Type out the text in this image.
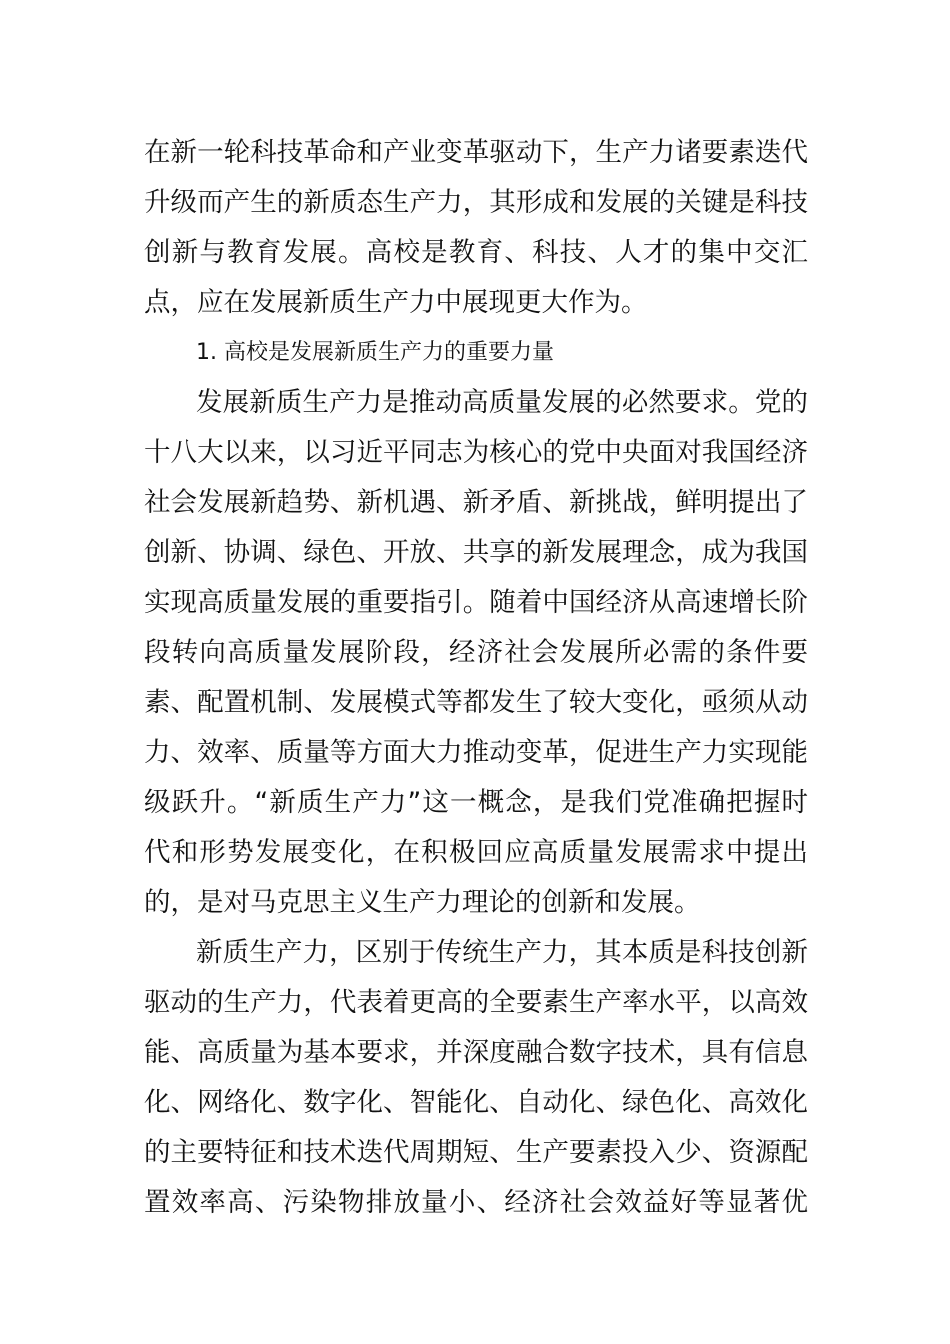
在新一轮科技革命和产业变革驱动下，生产力诸要素迭代
升级而产生的新质态生产力，其形成和发展的关键是科技
创新与教育发展。高校是教育、科技、人才的集中交汇
点，应在发展新质生产力中展现更大作为。
1. 高校是发展新质生产力的重要力量
发展新质生产力是推动高质量发展的必然要求。党的
十八大以来，以习近平同志为核心的党中央面对我国经济
社会发展新趋势、新机遇、新矛盾、新挑战，鲜明提出了
创新、协调、绿色、开放、共享的新发展理念，成为我国
实现高质量发展的重要指引。随着中国经济从高速增长阶
段转向高质量发展阶段，经济社会发展所必需的条件要
素、配置机制、发展模式等都发生了较大变化，亟须从动
力、效率、质量等方面大力推动变革，促进生产力实现能
级跃升。“新质生产力”这一概念，是我们党准确把握时
代和形势发展变化，在积极回应高质量发展需求中提出
的，是对马克思主义生产力理论的创新和发展。
新质生产力，区别于传统生产力，其本质是科技创新
驱动的生产力，代表着更高的全要素生产率水平，以高效
能、高质量为基本要求，并深度融合数字技术，具有信息
化、网络化、数字化、智能化、自动化、绿色化、高效化
的主要特征和技术迭代周期短、生产要素投入少、资源配
置效率高、污染物排放量小、经济社会效益好等显著优
